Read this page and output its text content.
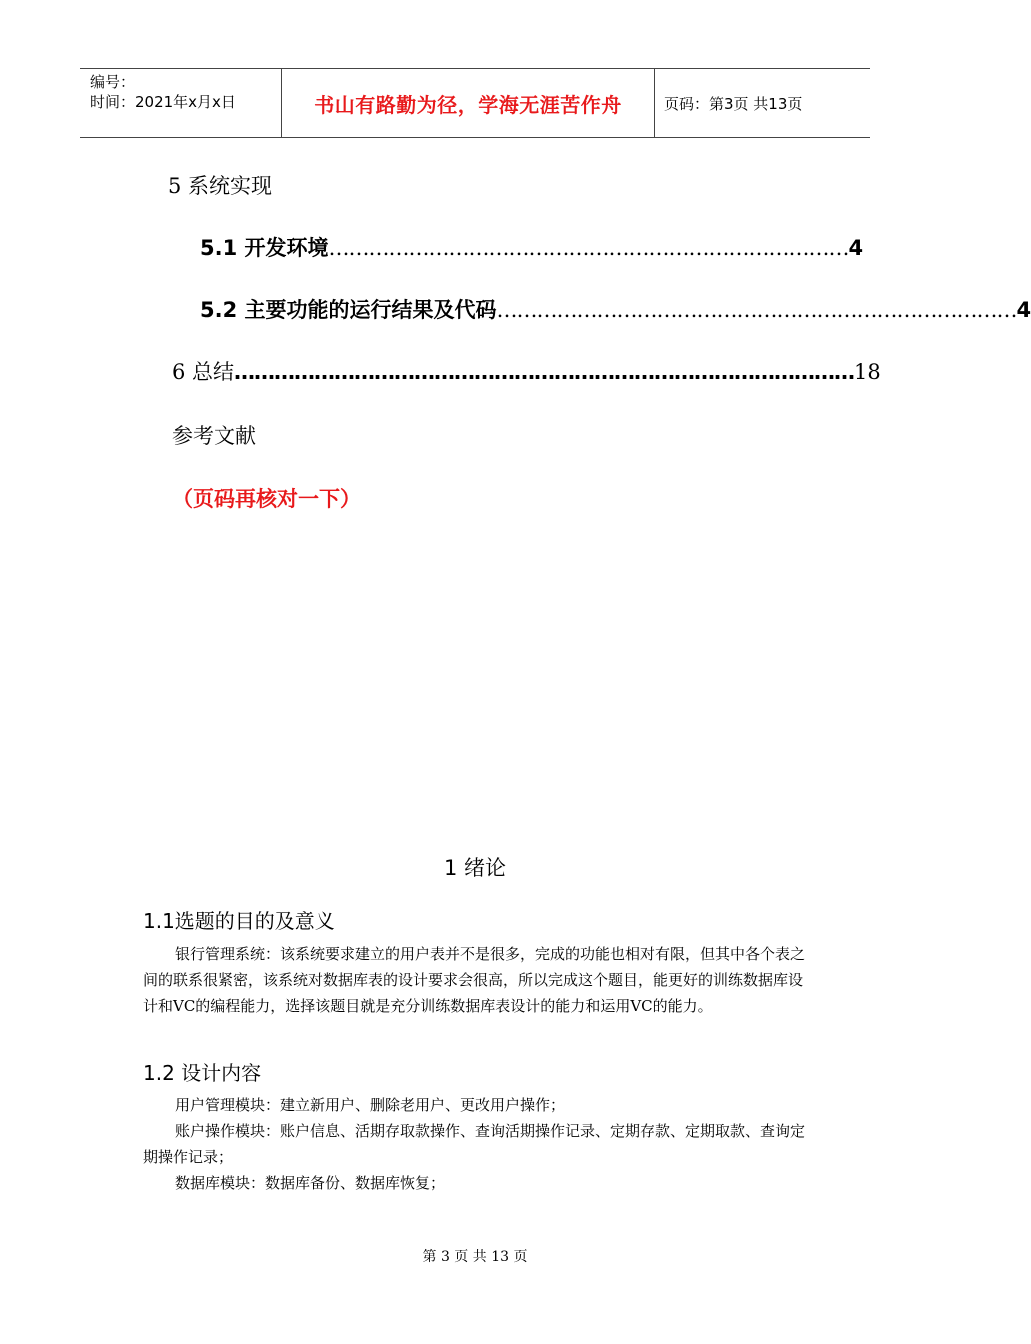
编号：
时间：2021年x月x日	书山有路勤为径，学海无涯苦作舟	页码：第3页 共13页
5 系统实现
5.1 开发环境 …………………………………………………………………… 4
5.2 主要功能的运行结果及代码 …………………………………………………………………… 4
6 总结 ………………………………………………………………………………… 18
参考文献
（页码再核对一下）
1 绪论
1.1选题的目的及意义

银行管理系统：该系统要求建立的用户表并不是很多，完成的功能也相对有限，但其中各个表之间的联系很紧密，该系统对数据库表的设计要求会很高，所以完成这个题目，能更好的训练数据库设计和VC的编程能力，选择该题目就是充分训练数据库表设计的能力和运用VC的能力。

1.2 设计内容

用户管理模块：建立新用户、删除老用户、更改用户操作；

账户操作模块：账户信息、活期存取款操作、查询活期操作记录、定期存款、定期取款、查询定期操作记录；

数据库模块：数据库备份、数据库恢复；

第 3 页 共 13 页
